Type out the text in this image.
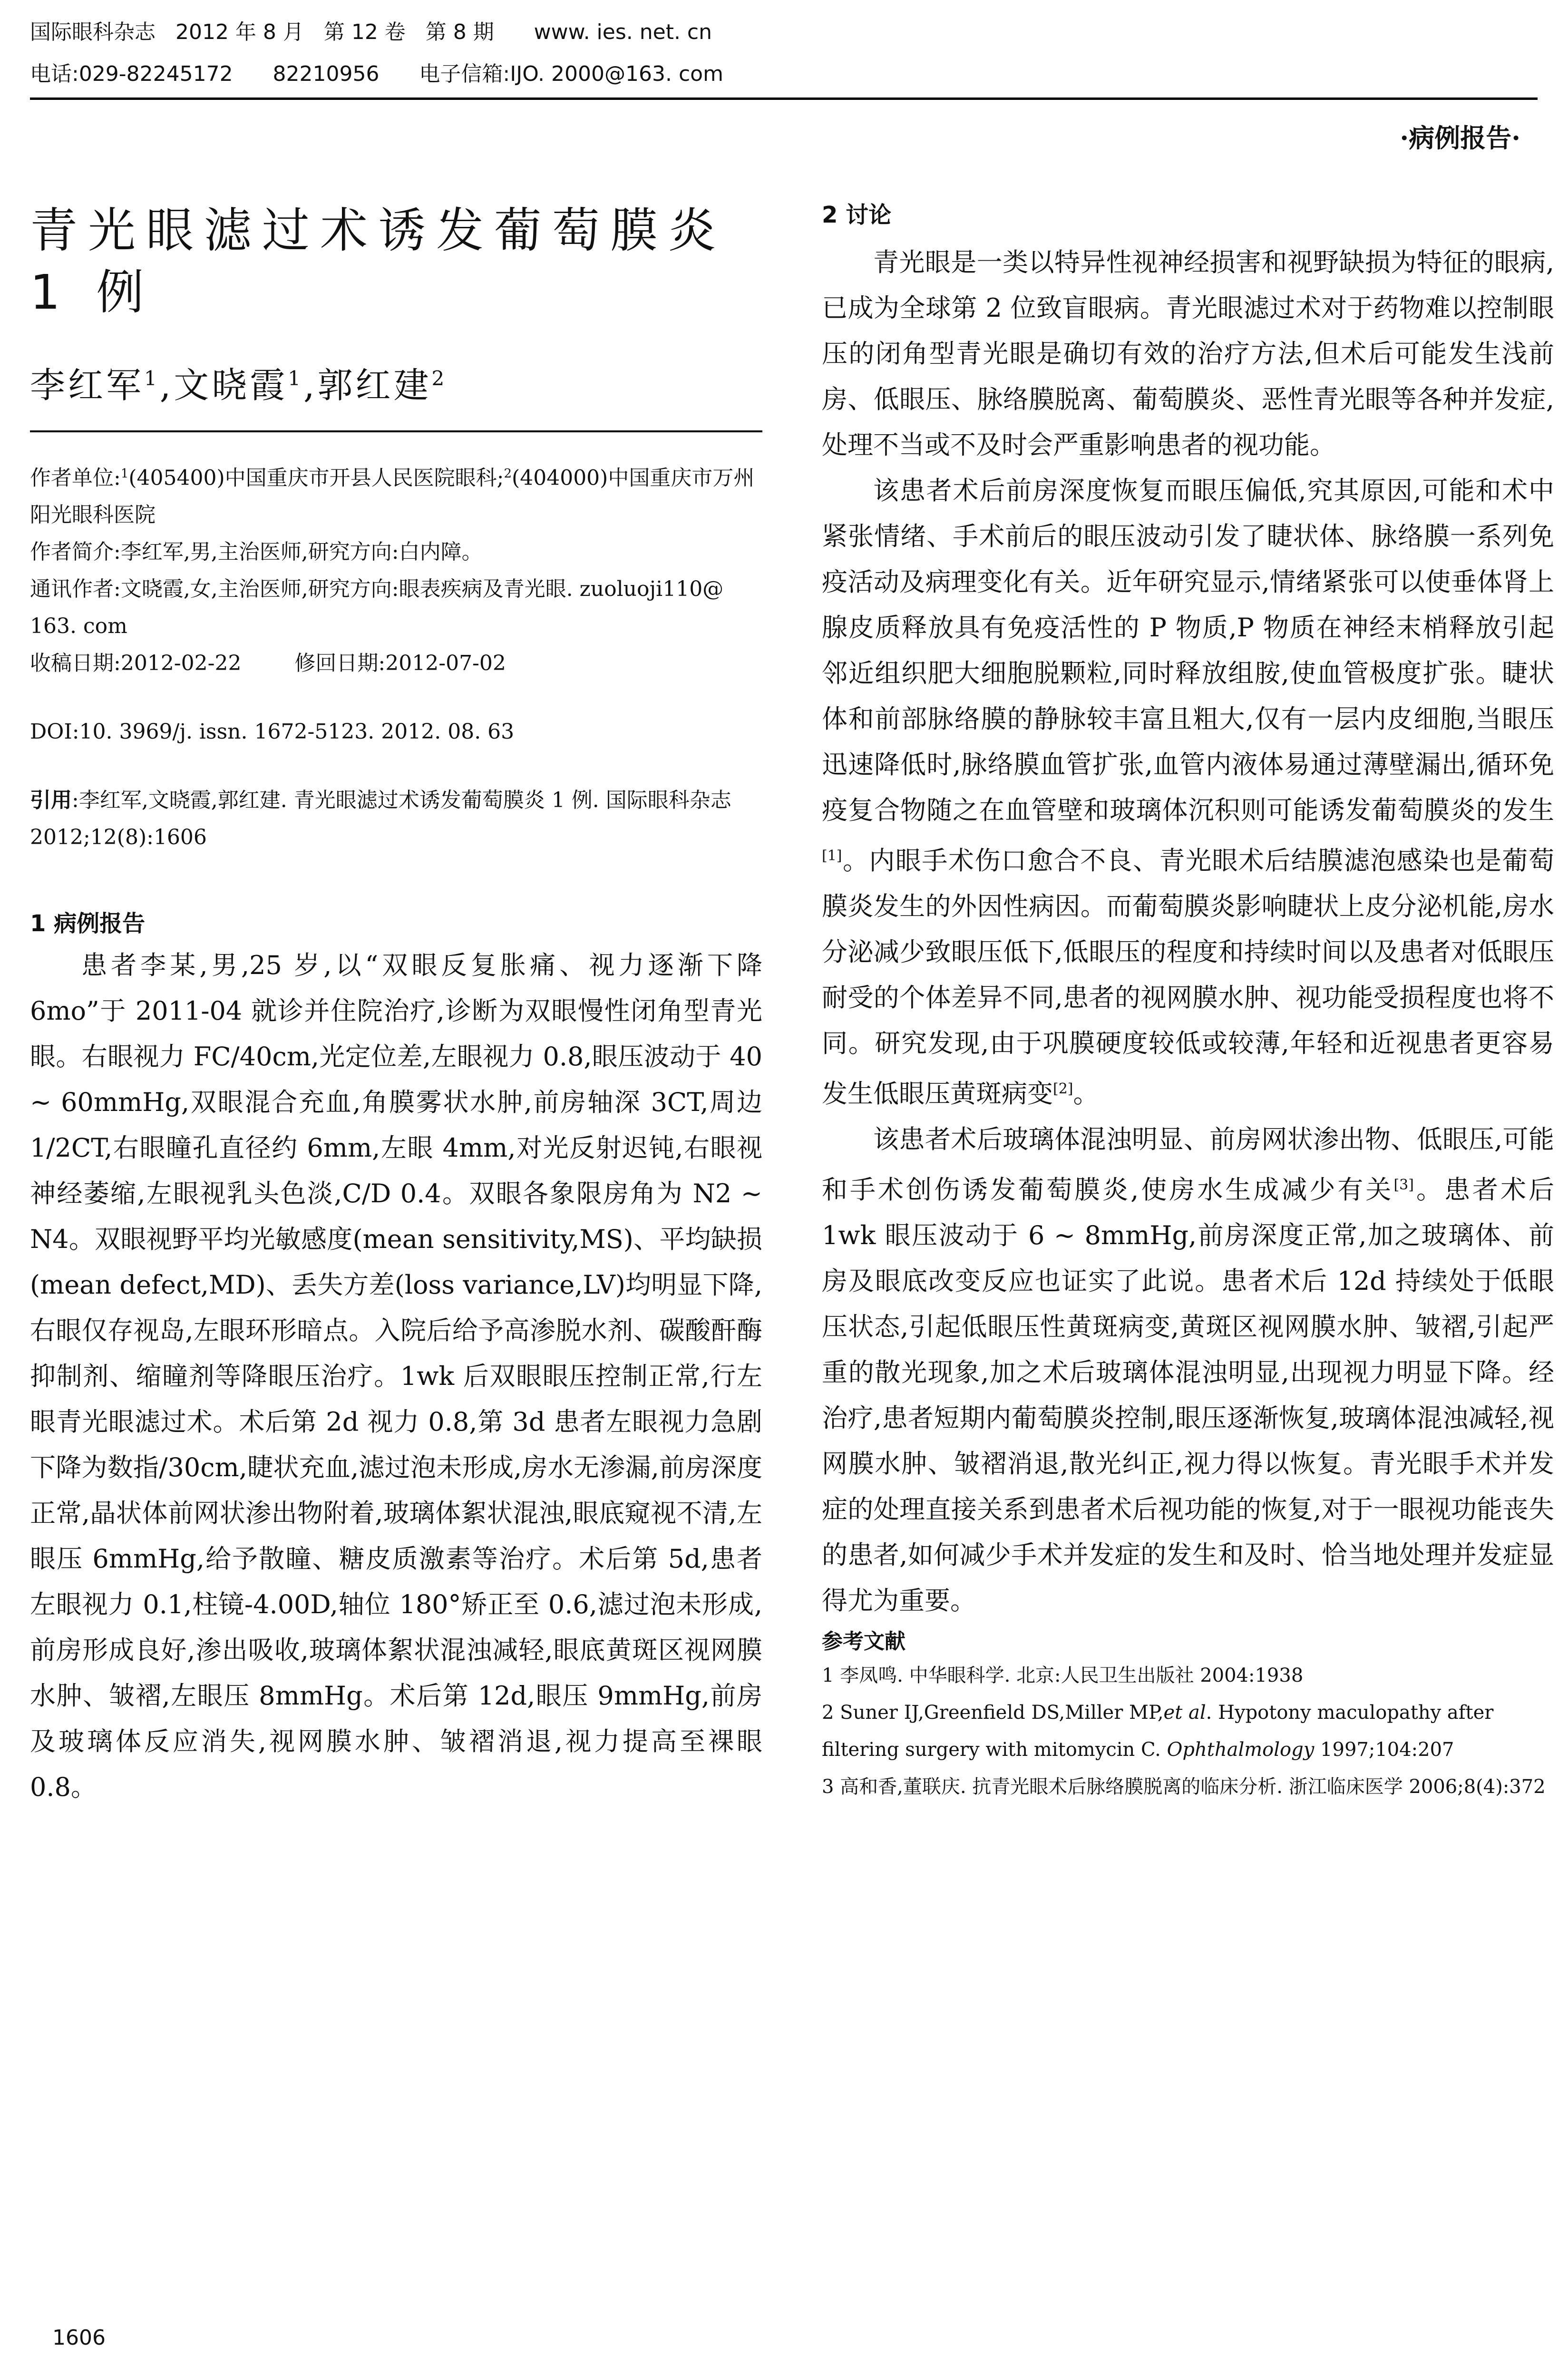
国际眼科杂志   2012 年 8 月   第 12 卷   第 8 期      www. ies. net. cn
电话:029-82245172      82210956      电子信箱:IJO. 2000@163. com
·病例报告·
青光眼滤过术诱发葡萄膜炎 1 例
李红军$^1$,文晓霞$^1$,郭红建$^2$
作者单位:$^1$(405400)中国重庆市开县人民医院眼科;$^2$(404000)中国重庆市万州阳光眼科医院
作者简介:李红军,男,主治医师,研究方向:白内障。
通讯作者:文晓霞,女,主治医师,研究方向:眼表疾病及青光眼. zuoluoji110@ 163. com
收稿日期:2012-02-22	修回日期:2012-07-02
DOI:10. 3969/j. issn. 1672-5123. 2012. 08. 63
引用:李红军,文晓霞,郭红建. 青光眼滤过术诱发葡萄膜炎 1 例. 国际眼科杂志 2012;12(8):1606
1 病例报告

患者李某,男,25 岁,以“双眼反复胀痛、视力逐渐下降 6mo”于 2011-04 就诊并住院治疗,诊断为双眼慢性闭角型青光眼。右眼视力 FC/40cm,光定位差,左眼视力 0.8,眼压波动于 40 ~ 60mmHg,双眼混合充血,角膜雾状水肿,前房轴深 3CT,周边 1/2CT,右眼瞳孔直径约 6mm,左眼 4mm,对光反射迟钝,右眼视神经萎缩,左眼视乳头色淡,C/D 0.4。双眼各象限房角为 N2 ~ N4。双眼视野平均光敏感度(mean sensitivity,MS)、平均缺损(mean defect,MD)、丢失方差(loss variance,LV)均明显下降,右眼仅存视岛,左眼环形暗点。入院后给予高渗脱水剂、碳酸酐酶抑制剂、缩瞳剂等降眼压治疗。1wk 后双眼眼压控制正常,行左眼青光眼滤过术。术后第 2d 视力 0.8,第 3d 患者左眼视力急剧下降为数指/30cm,睫状充血,滤过泡未形成,房水无渗漏,前房深度正常,晶状体前网状渗出物附着,玻璃体絮状混浊,眼底窥视不清,左眼压 6mmHg,给予散瞳、糖皮质激素等治疗。术后第 5d,患者左眼视力 0.1,柱镜-4.00D,轴位 180°矫正至 0.6,滤过泡未形成,前房形成良好,渗出吸收,玻璃体絮状混浊减轻,眼底黄斑区视网膜水肿、皱褶,左眼压 8mmHg。术后第 12d,眼压 9mmHg,前房及玻璃体反应消失,视网膜水肿、皱褶消退,视力提高至裸眼 0.8。

2 讨论

青光眼是一类以特异性视神经损害和视野缺损为特征的眼病,已成为全球第 2 位致盲眼病。青光眼滤过术对于药物难以控制眼压的闭角型青光眼是确切有效的治疗方法,但术后可能发生浅前房、低眼压、脉络膜脱离、葡萄膜炎、恶性青光眼等各种并发症,处理不当或不及时会严重影响患者的视功能。

该患者术后前房深度恢复而眼压偏低,究其原因,可能和术中紧张情绪、手术前后的眼压波动引发了睫状体、脉络膜一系列免疫活动及病理变化有关。近年研究显示,情绪紧张可以使垂体肾上腺皮质释放具有免疫活性的 P 物质,P 物质在神经末梢释放引起邻近组织肥大细胞脱颗粒,同时释放组胺,使血管极度扩张。睫状体和前部脉络膜的静脉较丰富且粗大,仅有一层内皮细胞,当眼压迅速降低时,脉络膜血管扩张,血管内液体易通过薄壁漏出,循环免疫复合物随之在血管壁和玻璃体沉积则可能诱发葡萄膜炎的发生[1]。内眼手术伤口愈合不良、青光眼术后结膜滤泡感染也是葡萄膜炎发生的外因性病因。而葡萄膜炎影响睫状上皮分泌机能,房水分泌减少致眼压低下,低眼压的程度和持续时间以及患者对低眼压耐受的个体差异不同,患者的视网膜水肿、视功能受损程度也将不同。研究发现,由于巩膜硬度较低或较薄,年轻和近视患者更容易发生低眼压黄斑病变[2]。

该患者术后玻璃体混浊明显、前房网状渗出物、低眼压,可能和手术创伤诱发葡萄膜炎,使房水生成减少有关[3]。患者术后 1wk 眼压波动于 6 ~ 8mmHg,前房深度正常,加之玻璃体、前房及眼底改变反应也证实了此说。患者术后 12d 持续处于低眼压状态,引起低眼压性黄斑病变,黄斑区视网膜水肿、皱褶,引起严重的散光现象,加之术后玻璃体混浊明显,出现视力明显下降。经治疗,患者短期内葡萄膜炎控制,眼压逐渐恢复,玻璃体混浊减轻,视网膜水肿、皱褶消退,散光纠正,视力得以恢复。青光眼手术并发症的处理直接关系到患者术后视功能的恢复,对于一眼视功能丧失的患者,如何减少手术并发症的发生和及时、恰当地处理并发症显得尤为重要。

参考文献
1 李凤鸣. 中华眼科学. 北京:人民卫生出版社 2004:1938
2 Suner IJ,Greenfield DS,Miller MP,et al. Hypotony maculopathy after filtering surgery with mitomycin C. Ophthalmology 1997;104:207
3 高和香,董联庆. 抗青光眼术后脉络膜脱离的临床分析. 浙江临床医学 2006;8(4):372
1606
